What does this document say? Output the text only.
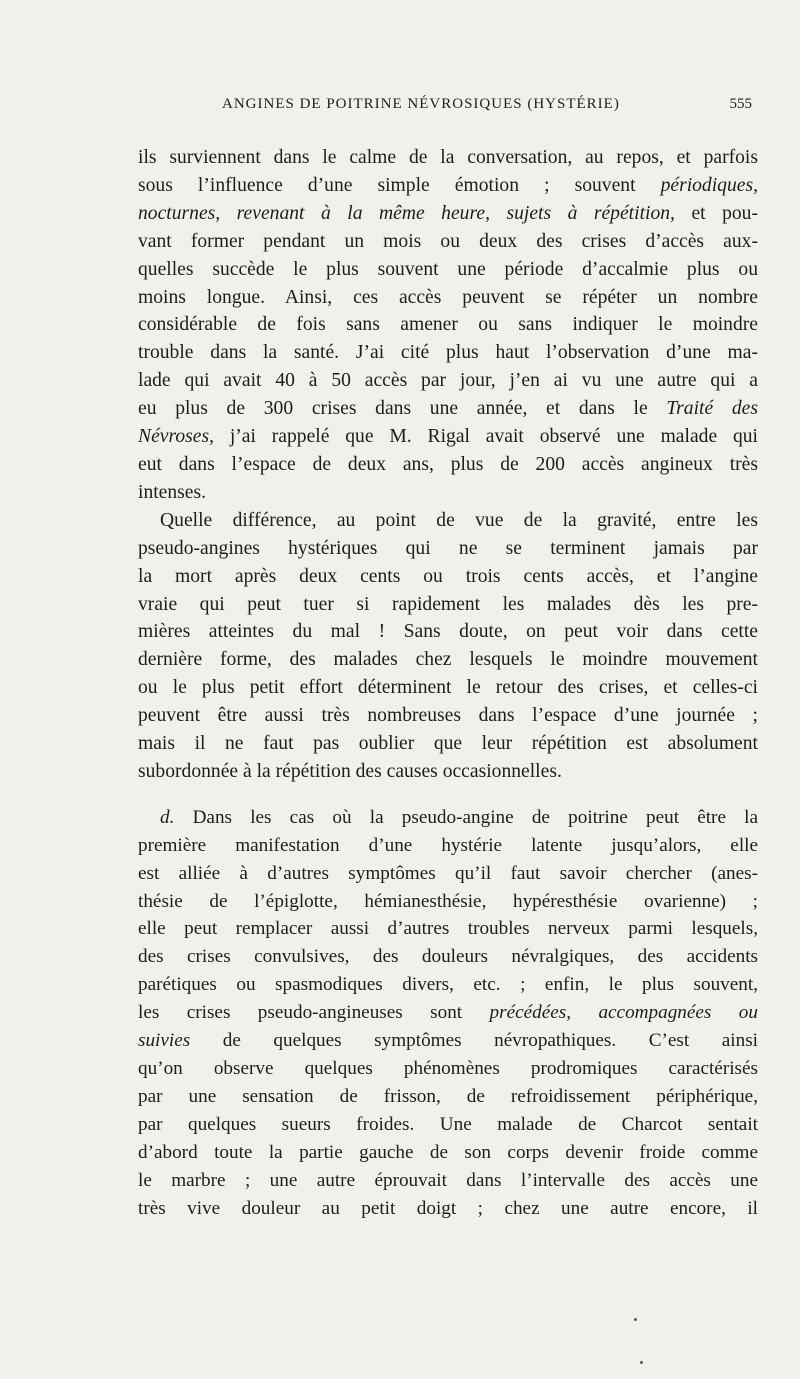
ANGINES DE POITRINE NÉVROSIQUES (HYSTÉRIE)	555

ils surviennent dans le calme de la conversation, au repos, et parfois
sous l’influence d’une simple émotion ; souvent périodiques,
nocturnes, revenant à la même heure, sujets à répétition, et pou-
vant former pendant un mois ou deux des crises d’accès aux-
quelles succède le plus souvent une période d’accalmie plus ou
moins longue. Ainsi, ces accès peuvent se répéter un nombre
considérable de fois sans amener ou sans indiquer le moindre
trouble dans la santé. J’ai cité plus haut l’observation d’une ma-
lade qui avait 40 à 50 accès par jour, j’en ai vu une autre qui a
eu plus de 300 crises dans une année, et dans le Traité des
Névroses, j’ai rappelé que M. Rigal avait observé une malade qui
eut dans l’espace de deux ans, plus de 200 accès angineux très
intenses.

Quelle différence, au point de vue de la gravité, entre les
pseudo-angines hystériques qui ne se terminent jamais par
la mort après deux cents ou trois cents accès, et l’angine
vraie qui peut tuer si rapidement les malades dès les pre-
mières atteintes du mal ! Sans doute, on peut voir dans cette
dernière forme, des malades chez lesquels le moindre mouvement
ou le plus petit effort déterminent le retour des crises, et celles-ci
peuvent être aussi très nombreuses dans l’espace d’une journée ;
mais il ne faut pas oublier que leur répétition est absolument
subordonnée à la répétition des causes occasionnelles.

d. Dans les cas où la pseudo-angine de poitrine peut être la
première manifestation d’une hystérie latente jusqu’alors, elle
est alliée à d’autres symptômes qu’il faut savoir chercher (anes-
thésie de l’épiglotte, hémianesthésie, hypéresthésie ovarienne) ;
elle peut remplacer aussi d’autres troubles nerveux parmi lesquels,
des crises convulsives, des douleurs névralgiques, des accidents
parétiques ou spasmodiques divers, etc. ; enfin, le plus souvent,
les crises pseudo-angineuses sont précédées, accompagnées ou
suivies de quelques symptômes névropathiques. C’est ainsi
qu’on observe quelques phénomènes prodromiques caractérisés
par une sensation de frisson, de refroidissement périphérique,
par quelques sueurs froides. Une malade de Charcot sentait
d’abord toute la partie gauche de son corps devenir froide comme
le marbre ; une autre éprouvait dans l’intervalle des accès une
très vive douleur au petit doigt ; chez une autre encore, il
